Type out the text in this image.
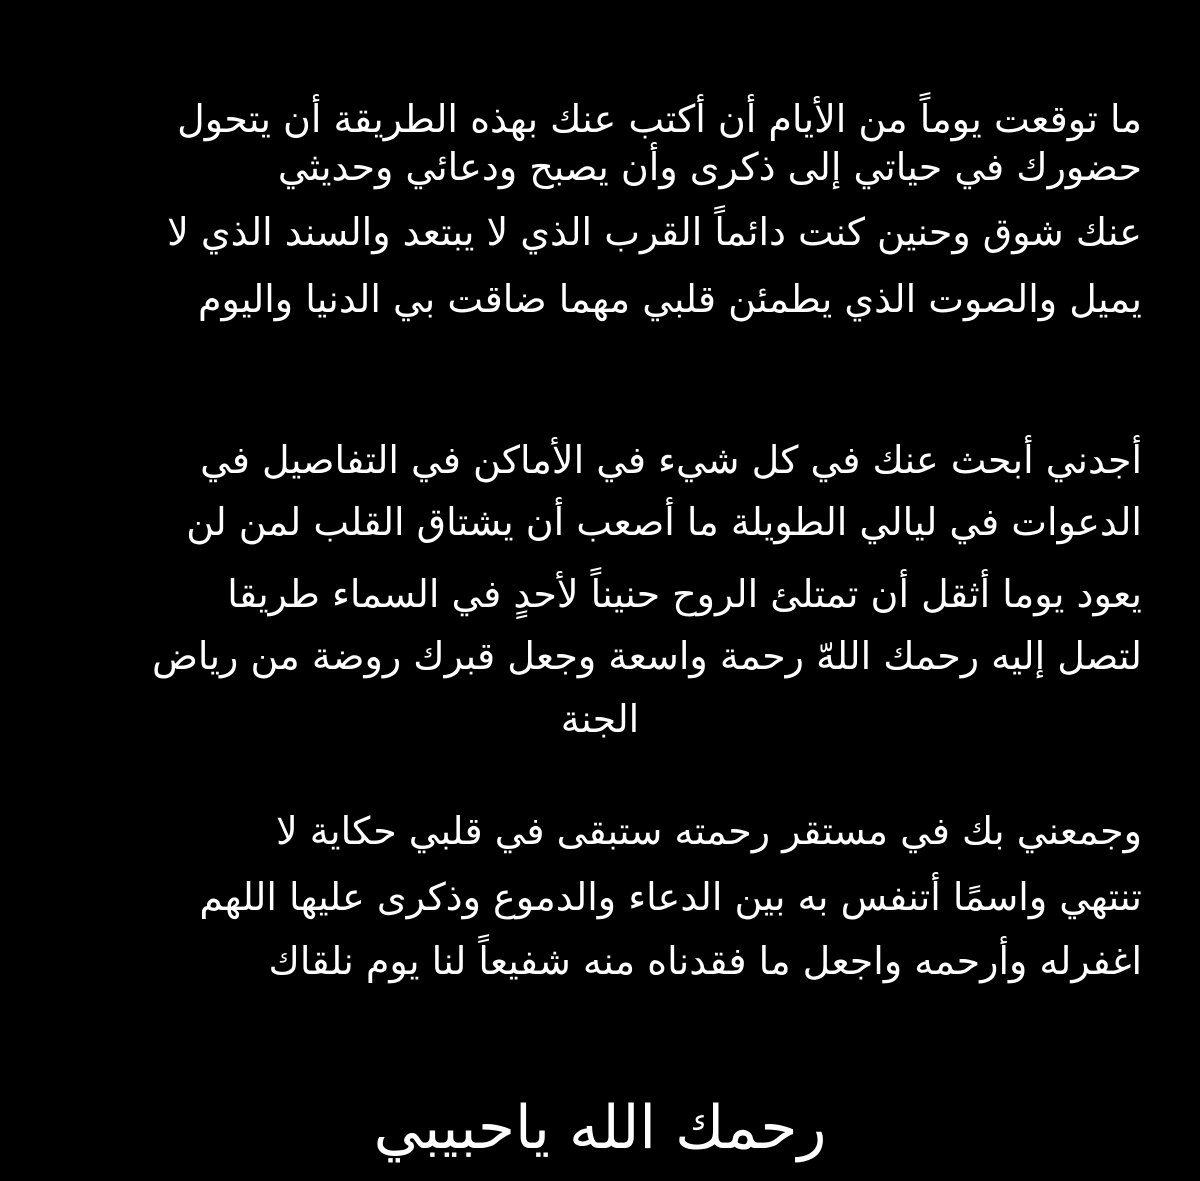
ما توقعت يوماً من الأيام أن أكتب عنك بهذه الطريقة أن يتحول
حضورك في حياتي إلى ذكرى وأن يصبح ودعائي وحديثي
عنك شوق وحنين كنت دائماً القرب الذي لا يبتعد والسند الذي لا
يميل والصوت الذي يطمئن قلبي مهما ضاقت بي الدنيا واليوم
أجدني أبحث عنك في كل شيء في الأماكن في التفاصيل في
الدعوات في ليالي الطويلة ما أصعب أن يشتاق القلب لمن لن
يعود يوما أثقل أن تمتلئ الروح حنيناً لأحدٍ في السماء طريقا
لتصل إليه رحمك اللهّ رحمة واسعة وجعل قبرك روضة من رياض
الجنة
وجمعني بك في مستقر رحمته ستبقى في قلبي حكاية لا
تنتهي واسمًا أتنفس به بين الدعاء والدموع وذكرى عليها اللهم
اغفرله وأرحمه واجعل ما فقدناه منه شفيعاً لنا يوم نلقاك
رحمك الله ياحبيبي
